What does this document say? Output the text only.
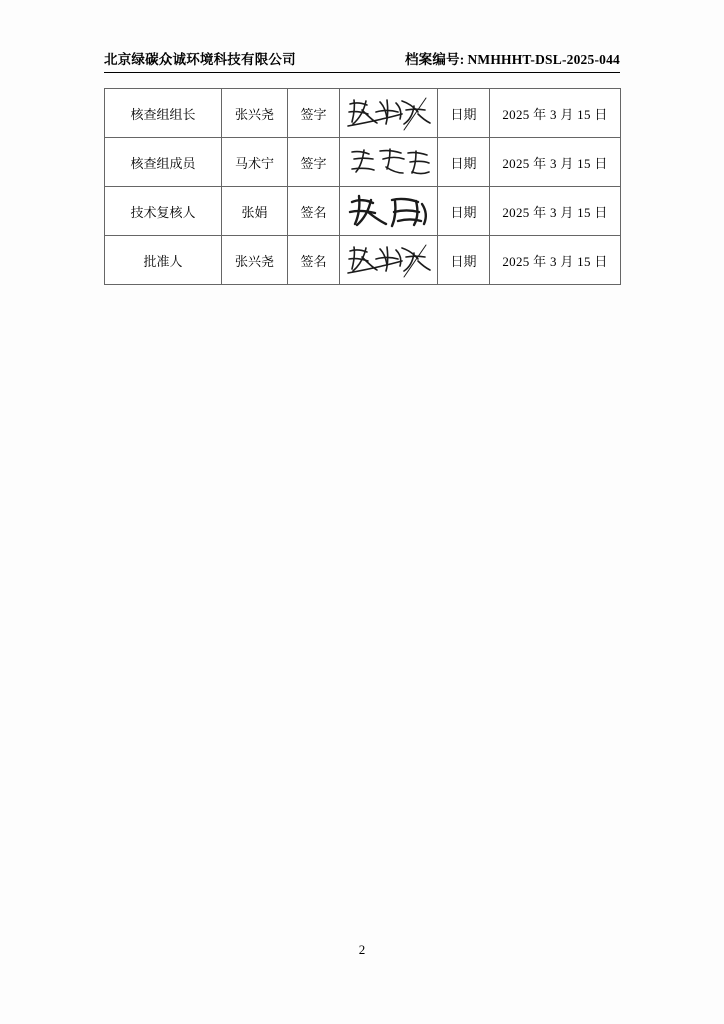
北京绿碳众诚环境科技有限公司	档案编号: NMHHHT-DSL-2025-044
核查组组长	张兴尧	签字		日期	2025 年 3 月 15 日
核查组成员	马术宁	签字		日期	2025 年 3 月 15 日
技术复核人	张娟	签名		日期	2025 年 3 月 15 日
批准人	张兴尧	签名		日期	2025 年 3 月 15 日
2
